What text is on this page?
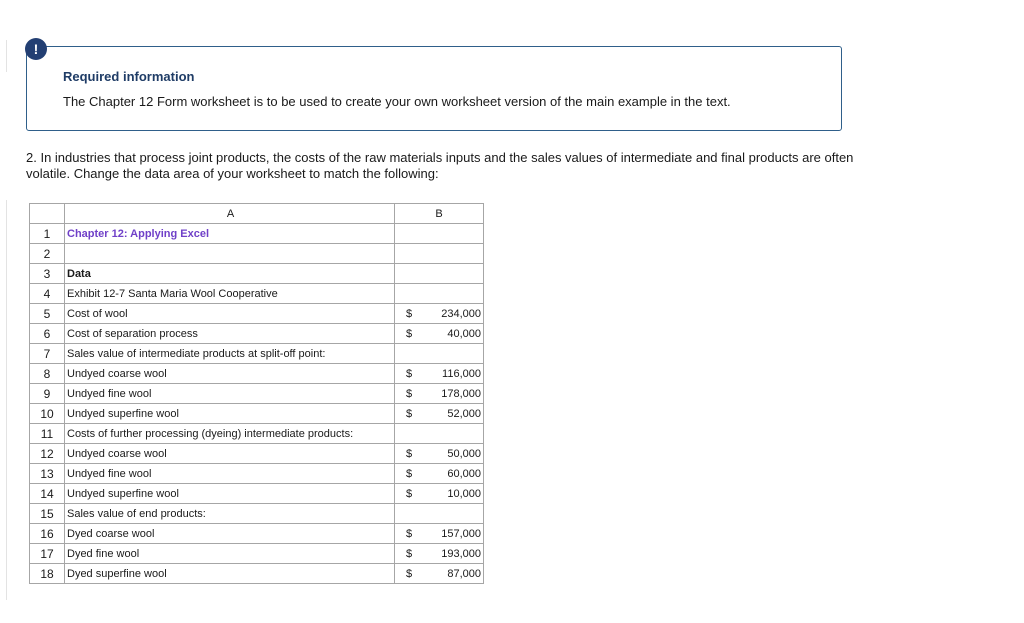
!
Required information
The Chapter 12 Form worksheet is to be used to create your own worksheet version of the main example in the text.
2. In industries that process joint products, the costs of the raw materials inputs and the sales values of intermediate and final products are often volatile. Change the data area of your worksheet to match the following:
	A	B	
1	Chapter 12: Applying Excel		
2			
3	Data		
4	Exhibit 12-7 Santa Maria Wool Cooperative		
5	Cost of wool	$	234,000
6	Cost of separation process	$	40,000
7	Sales value of intermediate products at split-off point:		
8	Undyed coarse wool	$	116,000
9	Undyed fine wool	$	178,000
10	Undyed superfine wool	$	52,000
11	Costs of further processing (dyeing) intermediate products:		
12	Undyed coarse wool	$	50,000
13	Undyed fine wool	$	60,000
14	Undyed superfine wool	$	10,000
15	Sales value of end products:		
16	Dyed coarse wool	$	157,000
17	Dyed fine wool	$	193,000
18	Dyed superfine wool	$	87,000
